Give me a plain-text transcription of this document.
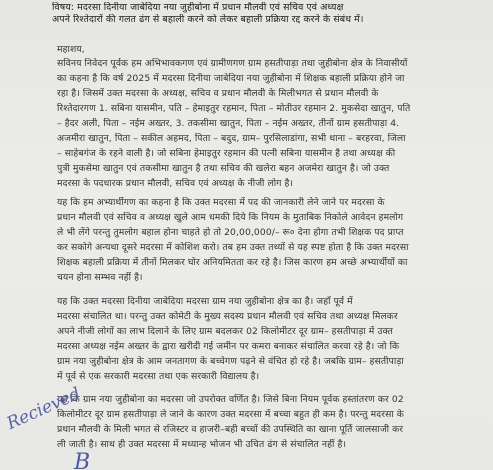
विषय: मदरसा दिनीया जाबेदिया नया जुहीबोना में प्रधान मौलवी एवं सचिव एवं अध्यक्ष
अपने रिश्तेदारों की गलत ढंग से बहाली करने को लेकर बहाली प्रक्रिया रद्द करने के संबंध में।
महाशय,
सविनय निवेदन पूर्वक हम अभिभावकगण एवं ग्रामीणगण ग्राम हसतीपाड़ा तथा जुहीबोना क्षेत्र के निवासीयों
का कहना है कि वर्ष 2025 में मदरसा दिनीया जाबेदिया नया जुहीबोना में शिक्षक बहाली प्रक्रिया होने जा
रहा है। जिसमें उक्त मदरसा के अध्यक्ष, सचिव व प्रधान मौलवी के मिलीभगत से प्रधान मौलवी के
रिश्तेदारगण 1. सबिना यासमीन, पति – हेमाइतुर रहमान, पिता – मोतीउर रहमान 2. मुकसेदा खातुन, पति
– हैदर अली, पिता – नईम अख्तर, 3. तकसीमा खातुन, पिता – नईम अख्तर, तीनों ग्राम हसतीपाड़ा 4.
अजमीरा खातुन, पिता – सकील अहमद, पिता – बदुद, ग्राम– पुरसिलाडांगा, सभी थाना – बरहरवा, जिला
– साहेबगंज के रहने वाली है। जो सबिना हेमाइतुर रहमान की पत्नी सबिना यासमीन है तथा अध्यक्ष की
पुत्री मुकसेमा खातुन एवं तकसीमा खातुन है तथा सचिव की खलेरा बहन अजमेरा खातुन है। जो उक्त
मदरसा के पदधारक प्रधान मौलवी, सचिव एवं अध्यक्ष के नीजी लोग है।
यह कि हम अभ्यार्थीगण का कहना है कि उक्त मदरसा में पद की जानकारी लेने जाने पर मदरसा के
प्रधान मौलवी एवं सचिव व अध्यक्ष खुले आम धमकी दिये कि नियम के मुताबिक निकोले आवेदन हमलोग
ले भी लेंगे परन्तु तुमलोग बहाल होना चाहते हो तो 20,00,000/– रू० देना होगा तभी शिक्षक पद प्राप्त
कर सकोगे अन्यथा दूसरे मदरसा में कोशिश करो। तब हम उक्त तथ्यों से यह स्पष्ट होता है कि उक्त मदरसा
शिक्षक बहाली प्रक्रिया में तीनों मिलकर घोर अनियमितता कर रहे है। जिस कारण हम अच्छे अभ्यार्थीयों का
चयन होना सम्भव नहीं है।
यह कि उक्त मदरसा दिनीया जाबेदिया मदरसा ग्राम नया जुहीबोना क्षेत्र का है। जहाँ पूर्व में
मदरसा संचालित था। परन्तु उक्त कोमेटी के मुख्य सदस्य प्रधान मौलवी एवं सचिव तथा अध्यक्ष मिलकर
अपने नीजी लोगों का लाभ दिलाने के लिए ग्राम बदलकर 02 किलोमीटर दूर ग्राम– हसतीपाड़ा में उक्त
मदरसा अध्यक्ष नईम अख्तर के द्वारा खरीदी गई जमीन पर कमरा बनाकर संचालित करवा रहे है। जो कि
ग्राम नया जुहीबोना क्षेत्र के आम जनतागण के बच्चेगण पढ़ने से वंचित हो रहे है। जबकि ग्राम– हसतीपाड़ा
में पूर्व से एक सरकारी मदरसा तथा एक सरकारी विद्यालय है।
यह कि ग्राम नया जुहीबोना का मदरसा जो उपरोक्त वर्णित है। जिसे बिना नियम पूर्वक हस्तांतरण कर 02
किलोमीटर दूर ग्राम हसतीपाड़ा ले जाने के कारण उक्त मदरसा में बच्चा बहुत ही कम है। परन्तु मदरसा के
प्रधान मौलवी के मिली भगत से रजिस्टर व हाजरी–बही बच्चों की उपस्थिति का खाना पूर्ति जालसाजी कर
ली जाती है। साथ ही उक्त मदरसा में मध्यान्ह भोजन भी उचित ढंग से संचालित नहीं है।
Recieved
B
